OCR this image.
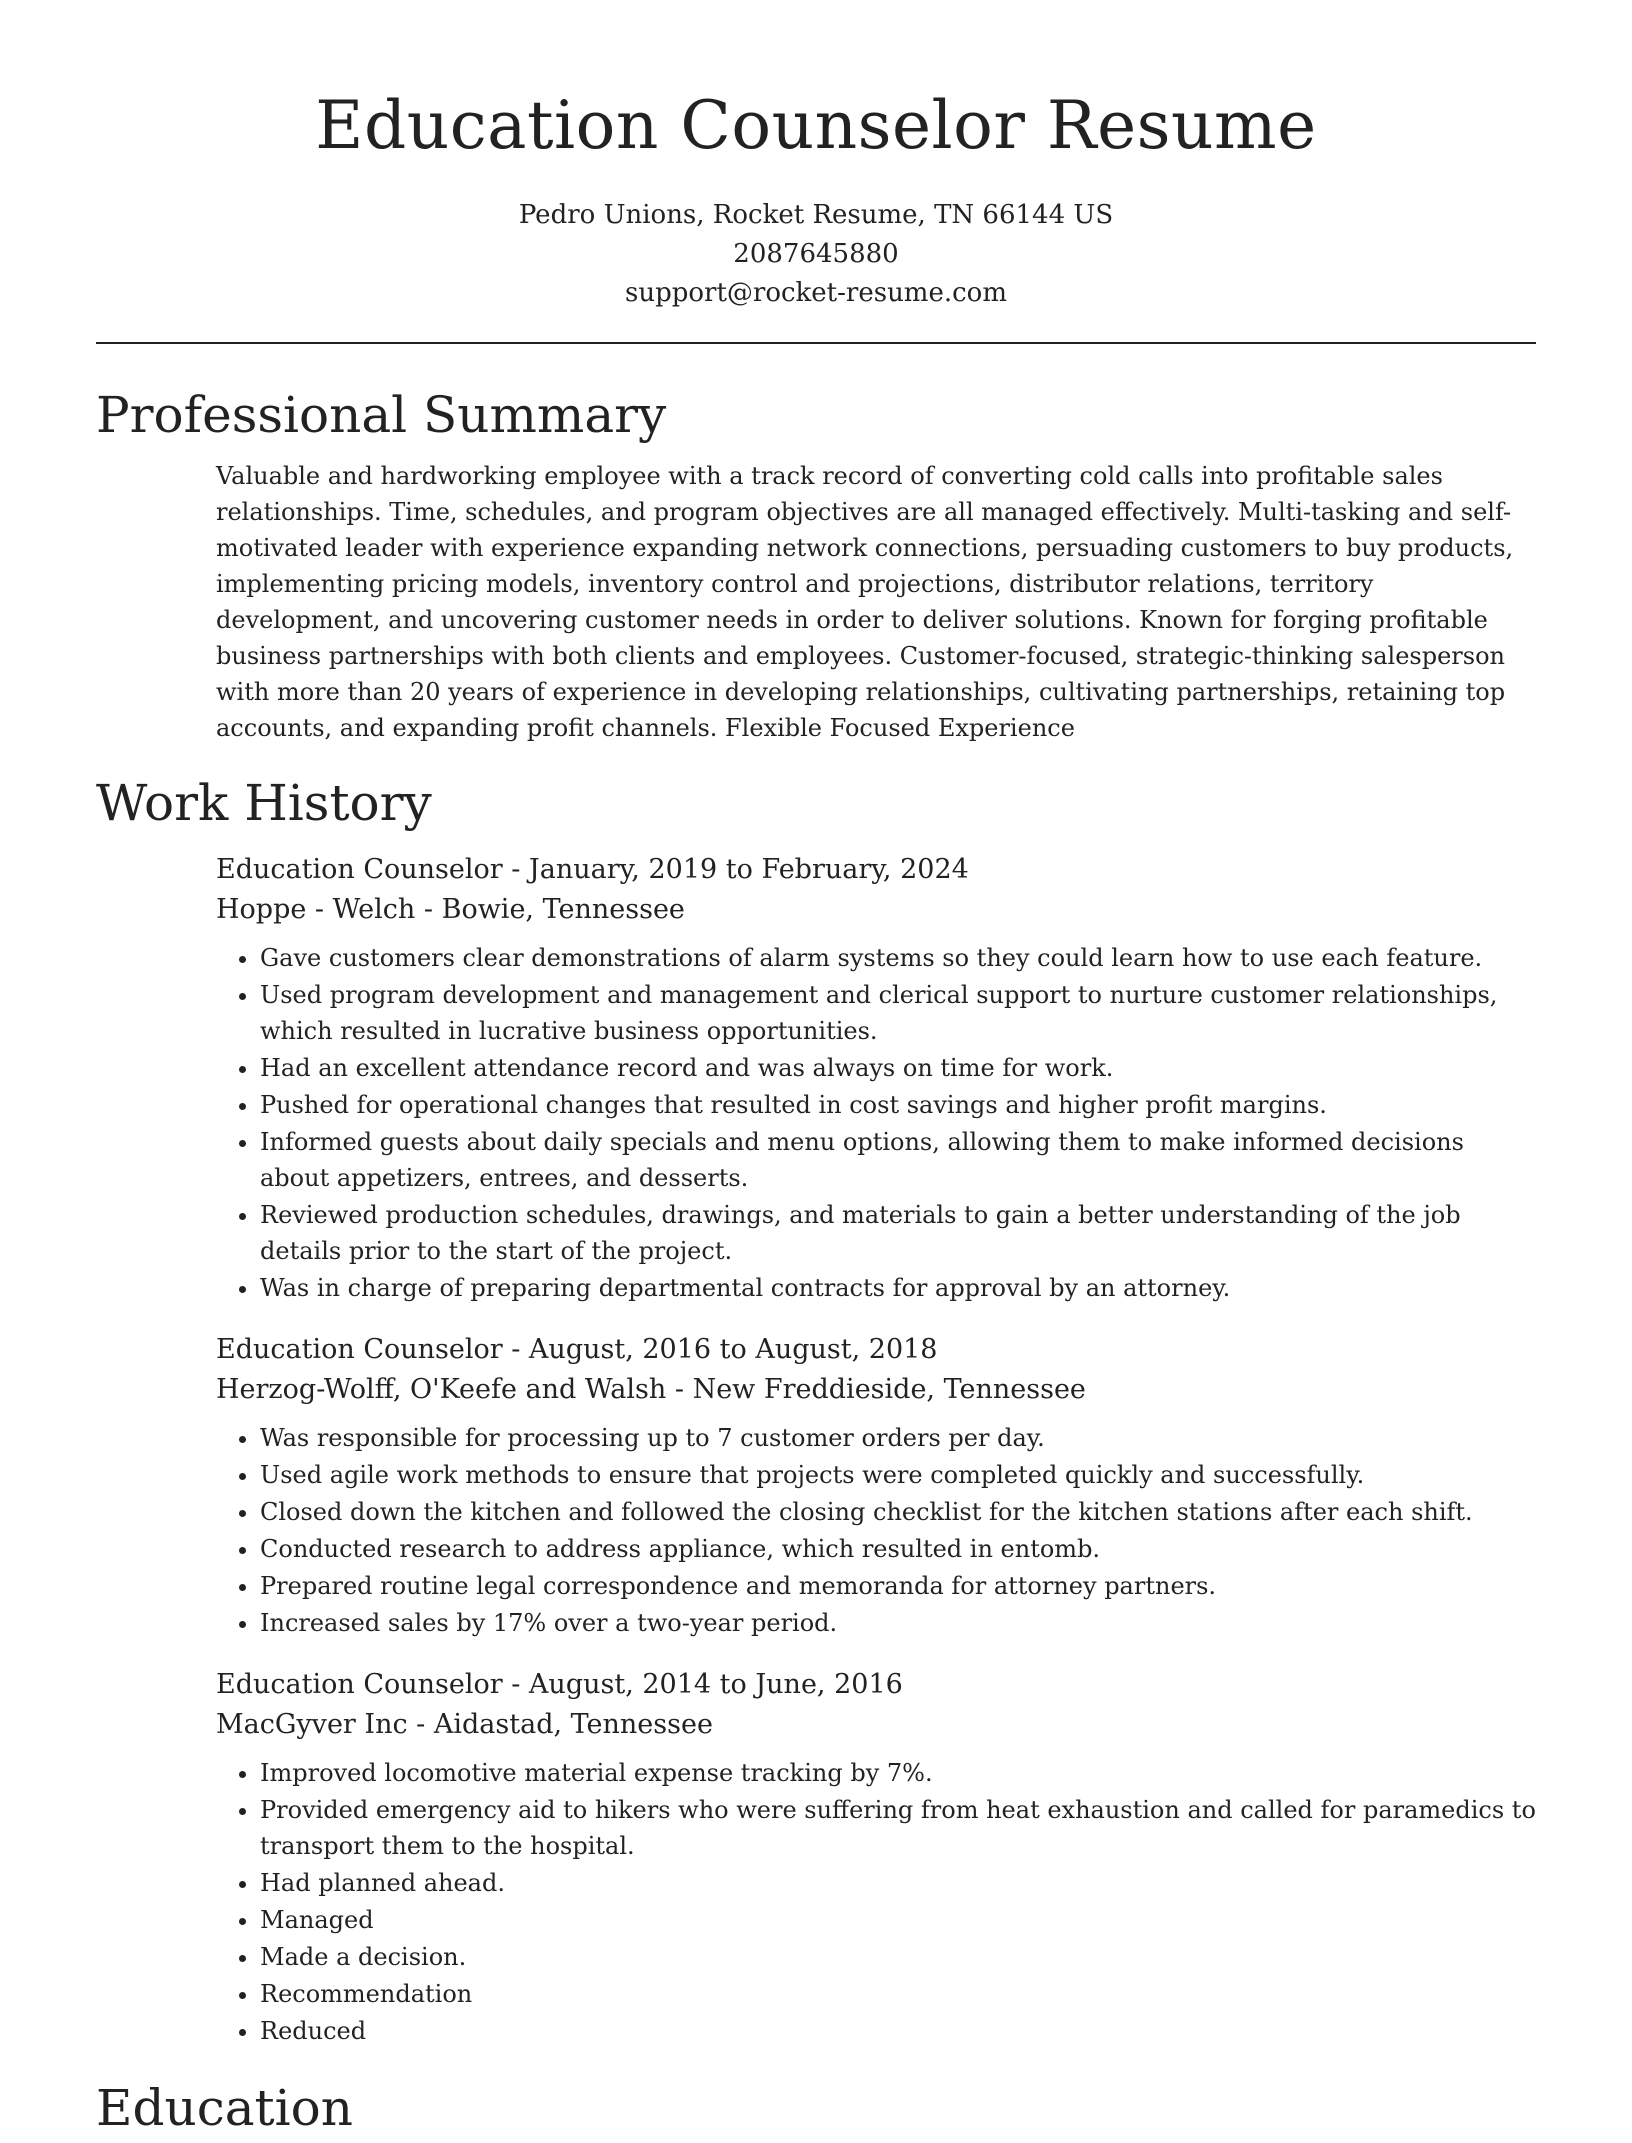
Education Counselor Resume
Pedro Unions, Rocket Resume, TN 66144 US
2087645880
support@rocket-resume.com
Professional Summary

Valuable and hardworking employee with a track record of converting cold calls into profitable sales relationships. Time, schedules, and program objectives are all managed effectively. Multi-tasking and self-motivated leader with experience expanding network connections, persuading customers to buy products, implementing pricing models, inventory control and projections, distributor relations, territory development, and uncovering customer needs in order to deliver solutions. Known for forging profitable business partnerships with both clients and employees. Customer-focused, strategic-thinking salesperson with more than 20 years of experience in developing relationships, cultivating partnerships, retaining top accounts, and expanding profit channels. Flexible Focused Experience

Work History
Education Counselor - January, 2019 to February, 2024
Hoppe - Welch - Bowie, Tennessee
• Gave customers clear demonstrations of alarm systems so they could learn how to use each feature.
• Used program development and management and clerical support to nurture customer relationships, which resulted in lucrative business opportunities.
• Had an excellent attendance record and was always on time for work.
• Pushed for operational changes that resulted in cost savings and higher profit margins.
• Informed guests about daily specials and menu options, allowing them to make informed decisions about appetizers, entrees, and desserts.
• Reviewed production schedules, drawings, and materials to gain a better understanding of the job details prior to the start of the project.
• Was in charge of preparing departmental contracts for approval by an attorney.
Education Counselor - August, 2016 to August, 2018
Herzog-Wolff, O'Keefe and Walsh - New Freddieside, Tennessee
• Was responsible for processing up to 7 customer orders per day.
• Used agile work methods to ensure that projects were completed quickly and successfully.
• Closed down the kitchen and followed the closing checklist for the kitchen stations after each shift.
• Conducted research to address appliance, which resulted in entomb.
• Prepared routine legal correspondence and memoranda for attorney partners.
• Increased sales by 17% over a two-year period.
Education Counselor - August, 2014 to June, 2016
MacGyver Inc - Aidastad, Tennessee
• Improved locomotive material expense tracking by 7%.
• Provided emergency aid to hikers who were suffering from heat exhaustion and called for paramedics to transport them to the hospital.
• Had planned ahead.
• Managed
• Made a decision.
• Recommendation
• Reduced
Education
